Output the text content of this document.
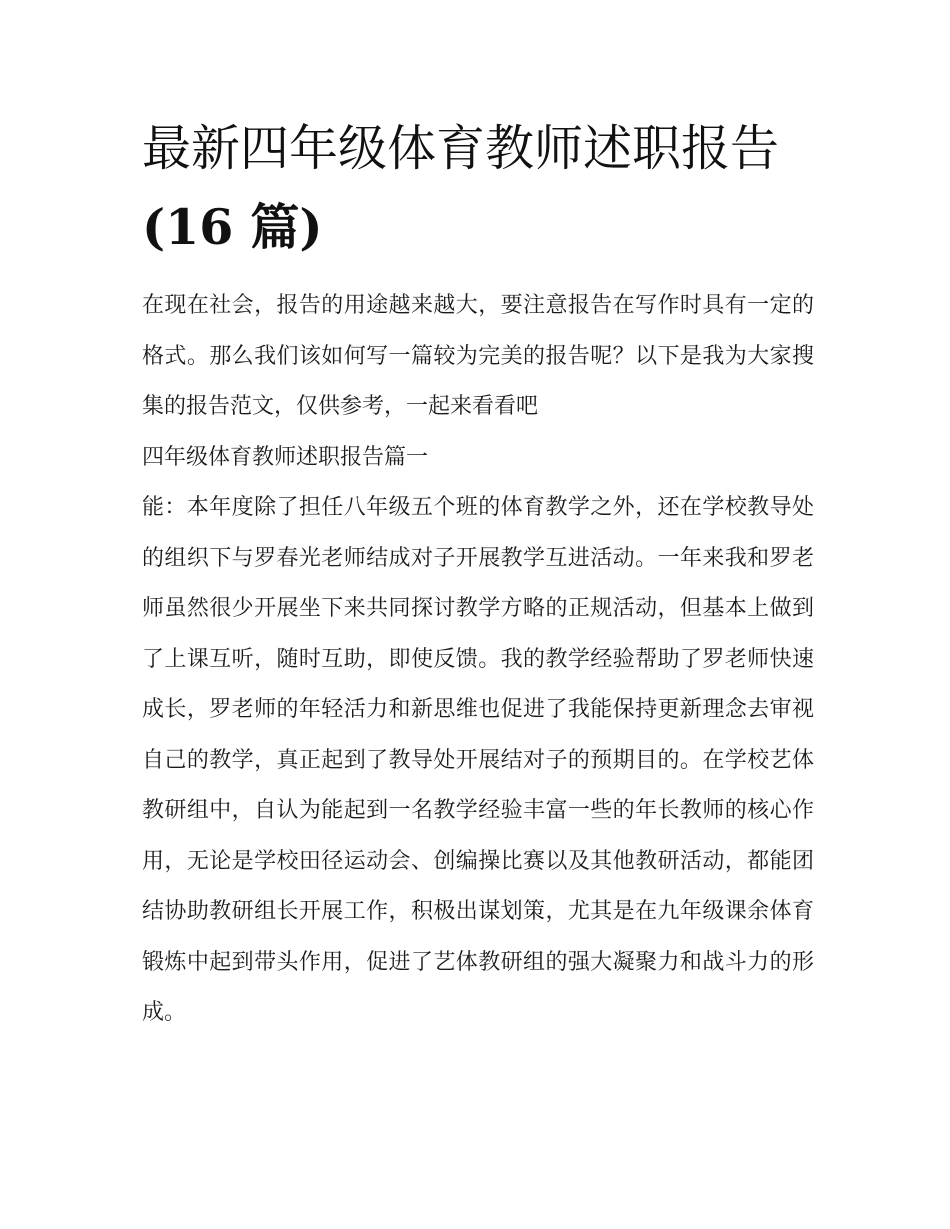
最新四年级体育教师述职报告
(16 篇)

在现在社会，报告的用途越来越大，要注意报告在写作时具有一定的格式。那么我们该如何写一篇较为完美的报告呢？以下是我为大家搜集的报告范文，仅供参考，一起来看看吧

四年级体育教师述职报告篇一

能：本年度除了担任八年级五个班的体育教学之外，还在学校教导处的组织下与罗春光老师结成对子开展教学互进活动。一年来我和罗老师虽然很少开展坐下来共同探讨教学方略的正规活动，但基本上做到了上课互听，随时互助，即使反馈。我的教学经验帮助了罗老师快速成长，罗老师的年轻活力和新思维也促进了我能保持更新理念去审视自己的教学，真正起到了教导处开展结对子的预期目的。在学校艺体教研组中，自认为能起到一名教学经验丰富一些的年长教师的核心作用，无论是学校田径运动会、创编操比赛以及其他教研活动，都能团结协助教研组长开展工作，积极出谋划策，尤其是在九年级课余体育锻炼中起到带头作用，促进了艺体教研组的强大凝聚力和战斗力的形成。
